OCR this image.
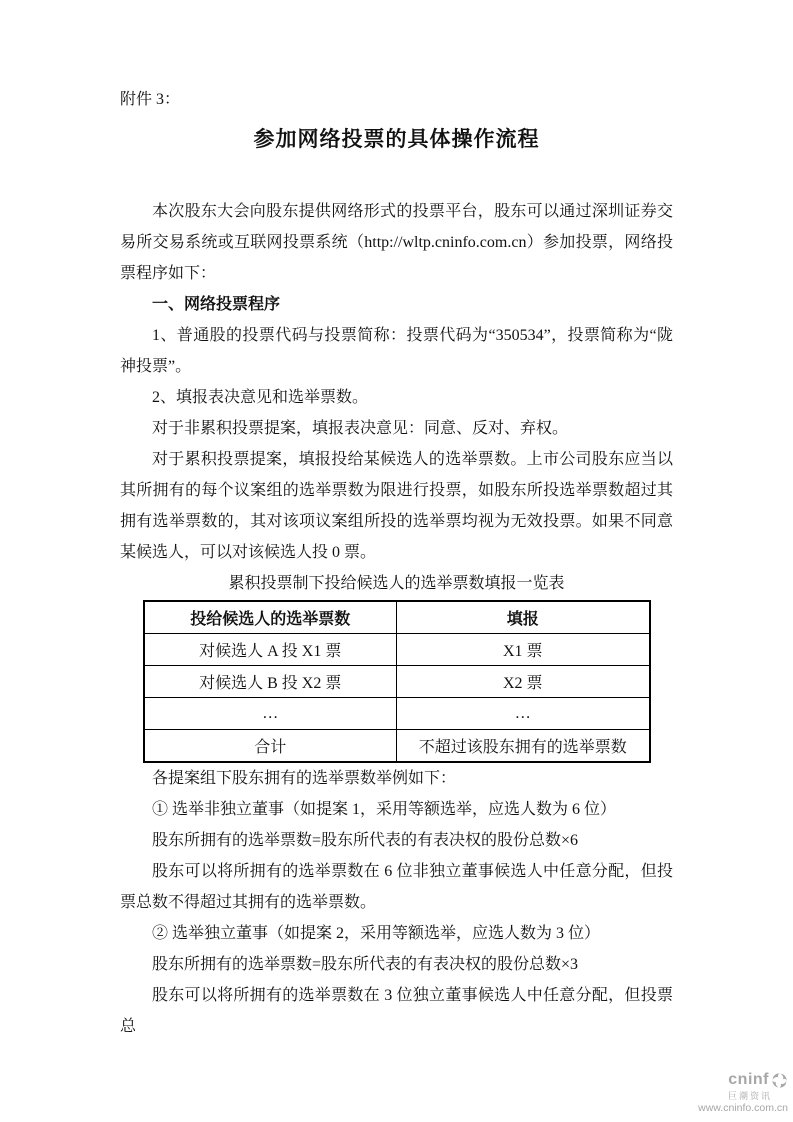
附件 3：

参加网络投票的具体操作流程

本次股东大会向股东提供网络形式的投票平台，股东可以通过深圳证券交易所交易系统或互联网投票系统（http://wltp.cninfo.com.cn）参加投票，网络投票程序如下：

一、网络投票程序

1、普通股的投票代码与投票简称：投票代码为“350534”，投票简称为“陇神投票”。

2、填报表决意见和选举票数。

对于非累积投票提案，填报表决意见：同意、反对、弃权。

对于累积投票提案，填报投给某候选人的选举票数。上市公司股东应当以其所拥有的每个议案组的选举票数为限进行投票，如股东所投选举票数超过其拥有选举票数的，其对该项议案组所投的选举票均视为无效投票。如果不同意某候选人，可以对该候选人投 0 票。

累积投票制下投给候选人的选举票数填报一览表

投给候选人的选举票数	填报
对候选人 A 投 X1 票	X1 票
对候选人 B 投 X2 票	X2 票
…	…
合计	不超过该股东拥有的选举票数

各提案组下股东拥有的选举票数举例如下：

① 选举非独立董事（如提案 1，采用等额选举，应选人数为 6 位）

股东所拥有的选举票数=股东所代表的有表决权的股份总数×6

股东可以将所拥有的选举票数在 6 位非独立董事候选人中任意分配，但投票总数不得超过其拥有的选举票数。

② 选举独立董事（如提案 2，采用等额选举，应选人数为 3 位）

股东所拥有的选举票数=股东所代表的有表决权的股份总数×3

股东可以将所拥有的选举票数在 3 位独立董事候选人中任意分配，但投票总

cninf
巨潮资讯
www.cninfo.com.cn
